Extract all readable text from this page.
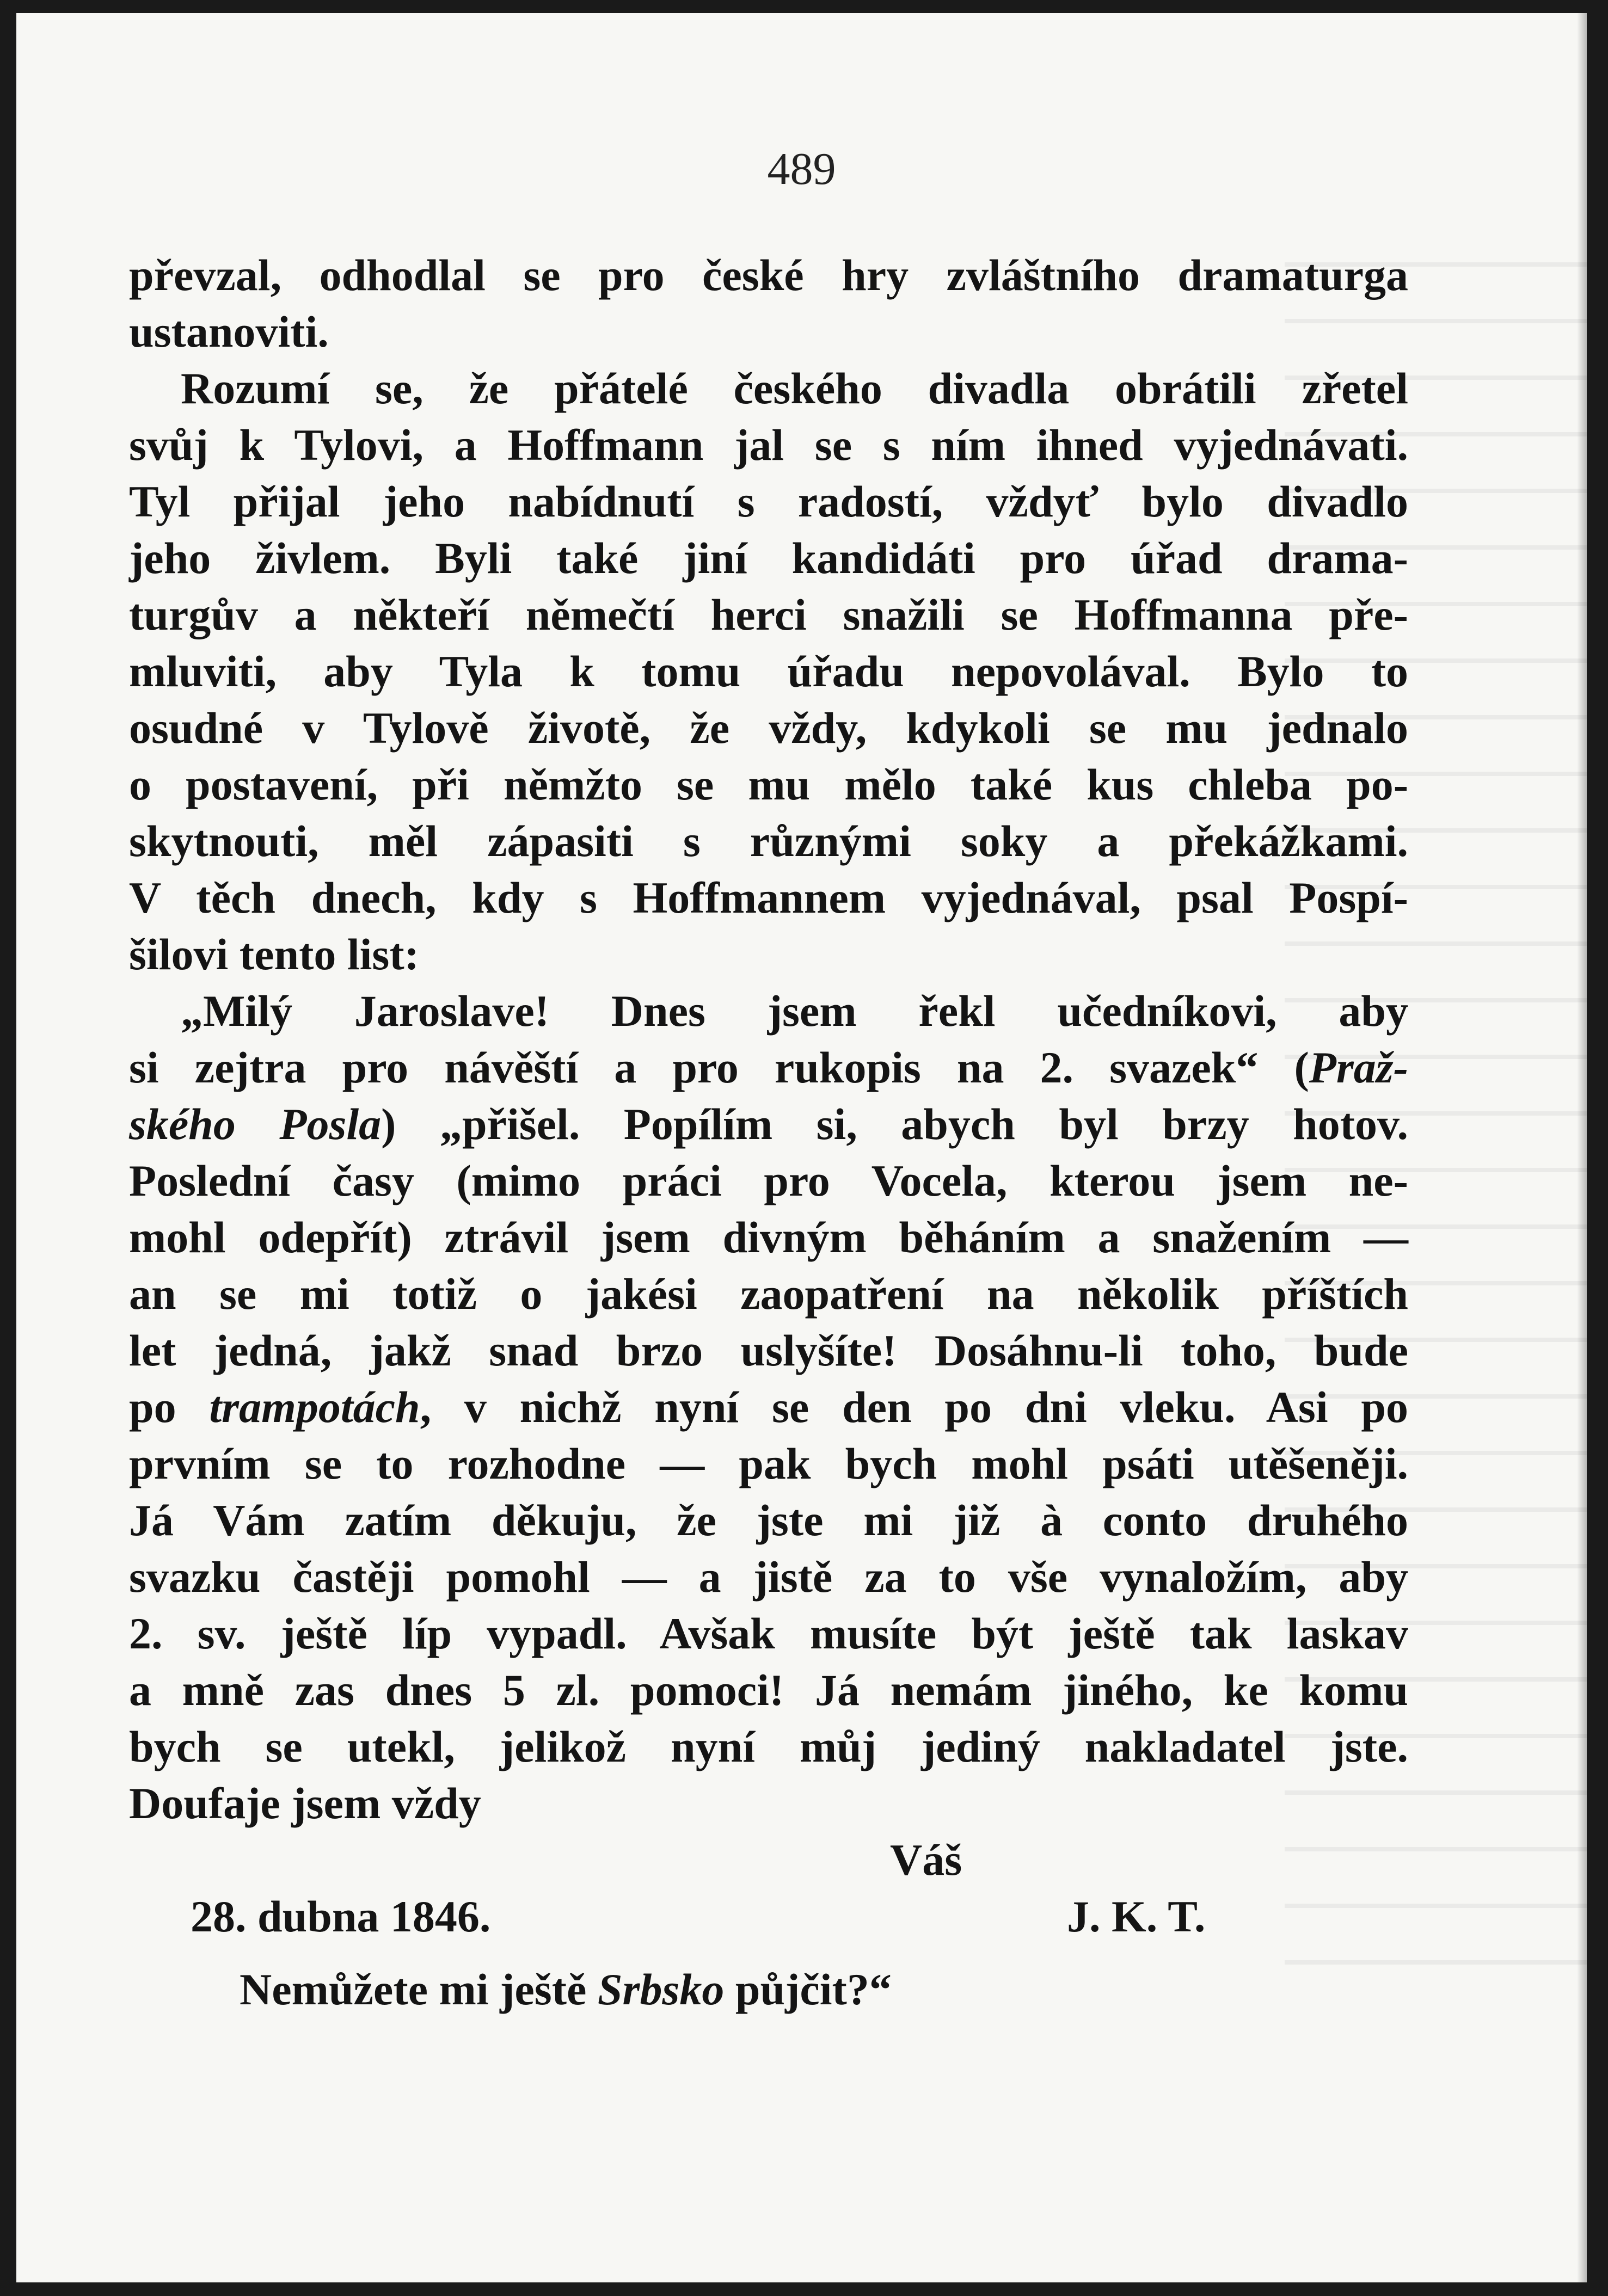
489
převzal, odhodlal se pro české hry zvláštního dramaturga
ustanoviti.
Rozumí se, že přátelé českého divadla obrátili zřetel
svůj k Tylovi, a Hoffmann jal se s ním ihned vyjednávati.
Tyl přijal jeho nabídnutí s radostí, vždyť bylo divadlo
jeho živlem. Byli také jiní kandidáti pro úřad drama-
turgův a někteří němečtí herci snažili se Hoffmanna pře-
mluviti, aby Tyla k tomu úřadu nepovolával. Bylo to
osudné v Tylově životě, že vždy, kdykoli se mu jednalo
o postavení, při němžto se mu mělo také kus chleba po-
skytnouti, měl zápasiti s různými soky a překážkami.
V těch dnech, kdy s Hoffmannem vyjednával, psal Pospí-
šilovi tento list:
„Milý Jaroslave! Dnes jsem řekl učedníkovi, aby
si zejtra pro návěští a pro rukopis na 2. svazek“ (Praž-
ského Posla) „přišel. Popílím si, abych byl brzy hotov.
Poslední časy (mimo práci pro Vocela, kterou jsem ne-
mohl odepřít) ztrávil jsem divným běháním a snažením —
an se mi totiž o jakési zaopatření na několik příštích
let jedná, jakž snad brzo uslyšíte! Dosáhnu-li toho, bude
po trampotách, v nichž nyní se den po dni vleku. Asi po
prvním se to rozhodne — pak bych mohl psáti utěšeněji.
Já Vám zatím děkuju, že jste mi již à conto druhého
svazku častěji pomohl — a jistě za to vše vynaložím, aby
2. sv. ještě líp vypadl. Avšak musíte být ještě tak laskav
a mně zas dnes 5 zl. pomoci! Já nemám jiného, ke komu
bych se utekl, jelikož nyní můj jediný nakladatel jste.
Doufaje jsem vždy
Váš
28. dubna 1846.	J. K. T.
Nemůžete mi ještě Srbsko půjčit?“
